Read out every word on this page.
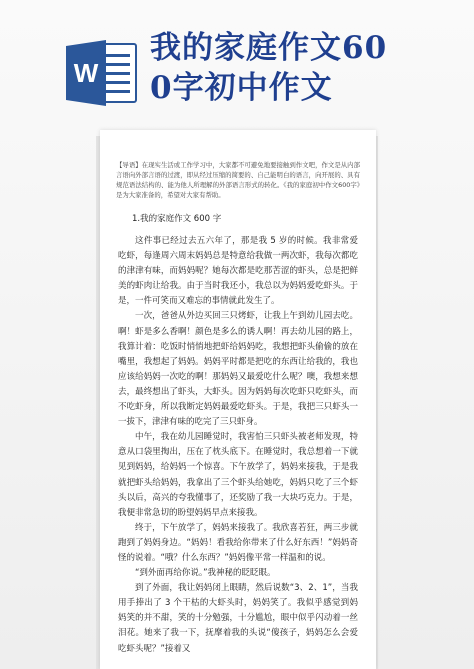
W
我的家庭作文60
0字初中作文
【导语】在现实生活或工作学习中，大家都不可避免地要接触到作文吧，作文是从内部言语向外部言语的过渡，即从经过压缩的简要的、自己能明白的语言，向开展的、具有规范语法结构的、能为他人所理解的外部语言形式的转化。《我的家庭初中作文600字》是为大家准备的，希望对大家有帮助。
1.我的家庭作文 600 字

这件事已经过去五六年了，那是我 5 岁的时候。我非常爱吃虾，每逢周六周末妈妈总是特意给我做一两次虾，我每次都吃的津津有味，而妈妈呢？她每次都是吃那苦涩的虾头，总是把鲜美的虾肉让给我。由于当时我还小，我总以为妈妈爱吃虾头。于是，一件可笑而又难忘的事情就此发生了。

一次，爸爸从外边买回三只烤虾，让我上午到幼儿园去吃。啊！虾是多么香啊！颜色是多么的诱人啊！再去幼儿园的路上，我算计着：吃饭时悄悄地把虾给妈妈吃，我想把虾头偷偷的放在嘴里，我想起了妈妈。妈妈平时都是把吃的东西让给我的，我也应该给妈妈一次吃的啊！那妈妈又最爱吃什么呢？噢，我想来想去，最终想出了虾头，大虾头。因为妈妈每次吃虾只吃虾头，而不吃虾身，所以我断定妈妈最爱吃虾头。于是，我把三只虾头一一拔下，津津有味的吃完了三只虾身。

中午，我在幼儿园睡觉时，我害怕三只虾头被老师发现，特意从口袋里掏出，压在了枕头底下。在睡觉时，我总想着一下就见到妈妈，给妈妈一个惊喜。下午放学了，妈妈来接我，于是我就把虾头给妈妈，我拿出了三个虾头给她吃，妈妈只吃了三个虾头以后，高兴的夸我懂事了，还奖励了我一大块巧克力。于是，我便非常急切的盼望妈妈早点来接我。

终于，下午放学了，妈妈来接我了。我欣喜若狂，两三步就跑到了妈妈身边。“妈妈！看我给你带来了什么好东西！”妈妈奇怪的说着。“哦？什么东西？”妈妈像平常一样温和的说。

“到外面再给你说。”我神秘的眨眨眼。

到了外面，我让妈妈闭上眼睛，然后说数“3、2、1”，当我用手捧出了 3 个干枯的大虾头时，妈妈笑了。我似乎感觉到妈妈笑的并不甜，笑的十分勉强，十分尴尬，眼中似乎闪动着一丝泪花。她来了我一下，抚摩着我的头说“傻孩子，妈妈怎么会爱吃虾头呢？”接着又
